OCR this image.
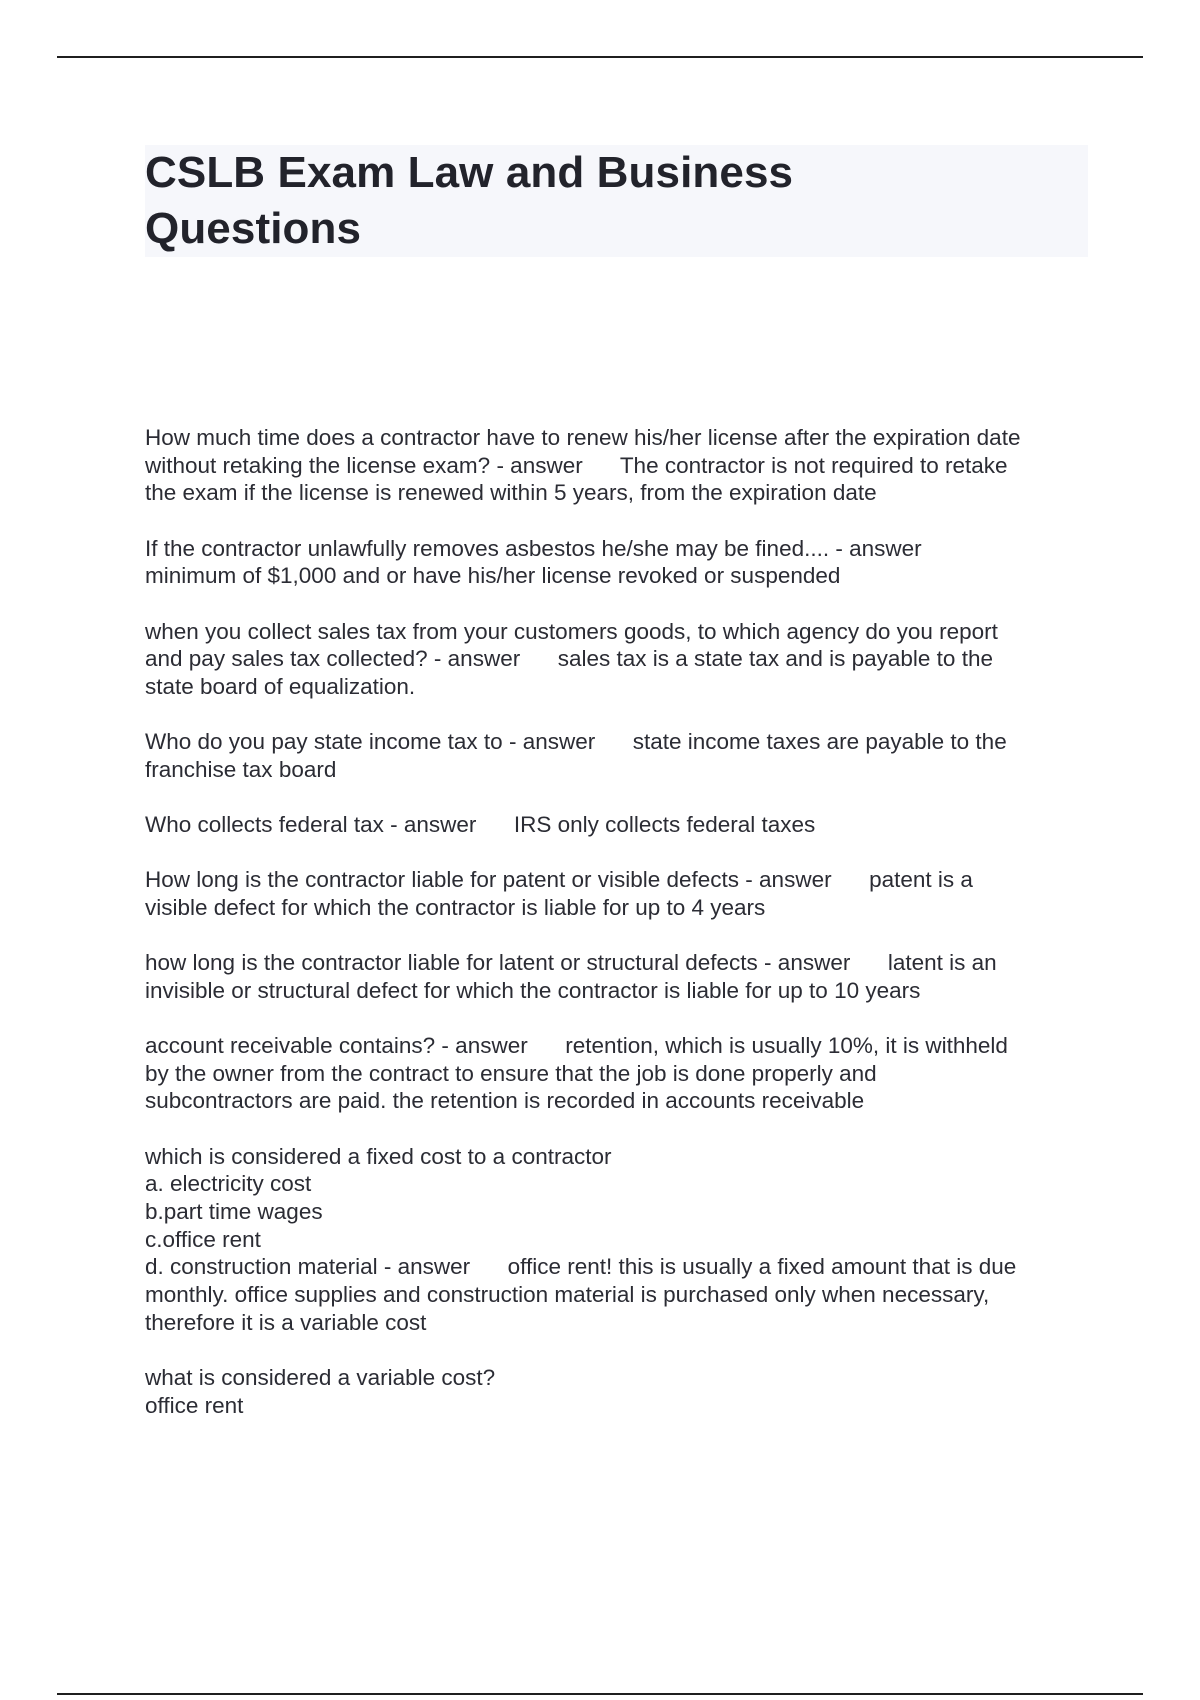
CSLB Exam Law and Business
Questions
How much time does a contractor have to renew his/her license after the expiration date
without retaking the license exam? - answer      The contractor is not required to retake
the exam if the license is renewed within 5 years, from the expiration date
If the contractor unlawfully removes asbestos he/she may be fined.... - answer
minimum of $1,000 and or have his/her license revoked or suspended
when you collect sales tax from your customers goods, to which agency do you report
and pay sales tax collected? - answer      sales tax is a state tax and is payable to the
state board of equalization.
Who do you pay state income tax to - answer      state income taxes are payable to the
franchise tax board
Who collects federal tax - answer      IRS only collects federal taxes
How long is the contractor liable for patent or visible defects - answer      patent is a
visible defect for which the contractor is liable for up to 4 years
how long is the contractor liable for latent or structural defects - answer      latent is an
invisible or structural defect for which the contractor is liable for up to 10 years
account receivable contains? - answer      retention, which is usually 10%, it is withheld
by the owner from the contract to ensure that the job is done properly and
subcontractors are paid. the retention is recorded in accounts receivable
which is considered a fixed cost to a contractor
a. electricity cost
b.part time wages
c.office rent
d. construction material - answer      office rent! this is usually a fixed amount that is due
monthly. office supplies and construction material is purchased only when necessary,
therefore it is a variable cost
what is considered a variable cost?
office rent
